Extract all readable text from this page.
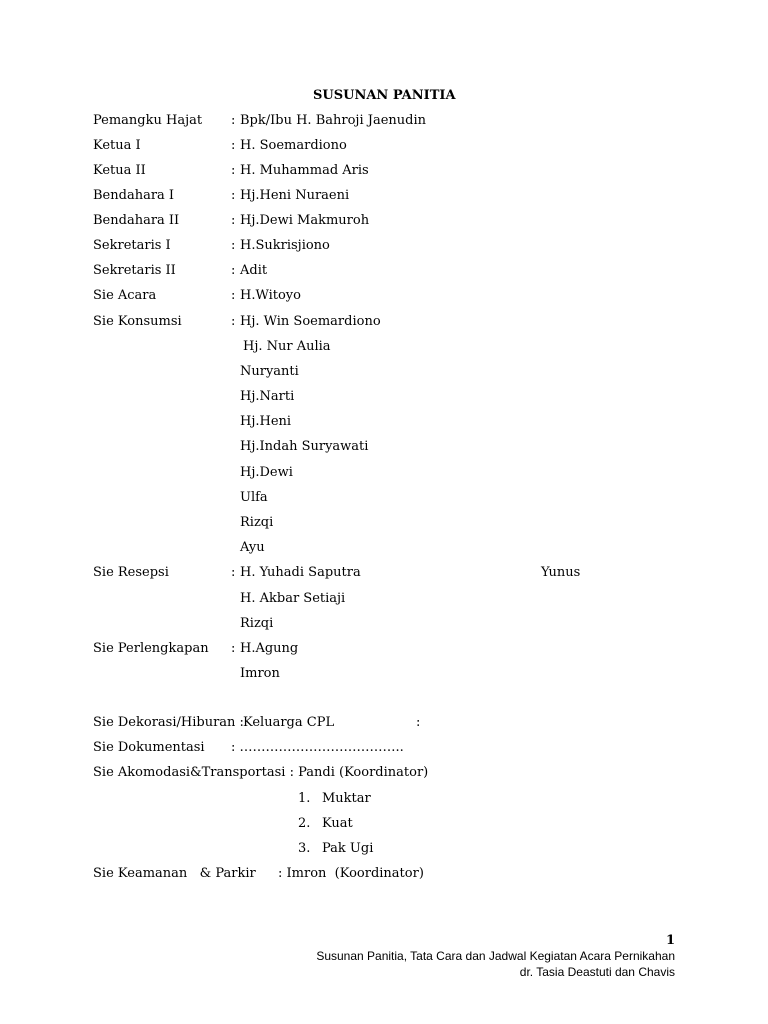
SUSUNAN PANITIA
Pemangku Hajat : Bpk/Ibu H. Bahroji Jaenudin
Ketua I	: H. Soemardiono
Ketua II	: H. Muhammad Aris
Bendahara I	: Hj.Heni Nuraeni
Bendahara II	: Hj.Dewi Makmuroh
Sekretaris I	: H.Sukrisjiono
Sekretaris II	: Adit
Sie Acara	: H.Witoyo
Sie Konsumsi	: Hj. Win Soemardiono
Hj. Nur Aulia
Nuryanti
Hj.Narti
Hj.Heni
Hj.Indah Suryawati
Hj.Dewi
Ulfa
Rizqi
Ayu
Sie Resepsi	: H. Yuhadi Saputra	Yunus
H. Akbar Setiaji
Rizqi
Sie Perlengkapan : H.Agung
Imron
Sie Dekorasi/Hiburan : Keluarga CPL	:
Sie Dokumentasi : ………………………………..
Sie Akomodasi&Transportasi : Pandi (Koordinator)
1. Muktar
2. Kuat
3. Pak Ugi
Sie Keamanan   & Parkir : Imron  (Koordinator)
1
Susunan Panitia, Tata Cara dan Jadwal Kegiatan Acara Pernikahan
dr. Tasia Deastuti dan Chavis
